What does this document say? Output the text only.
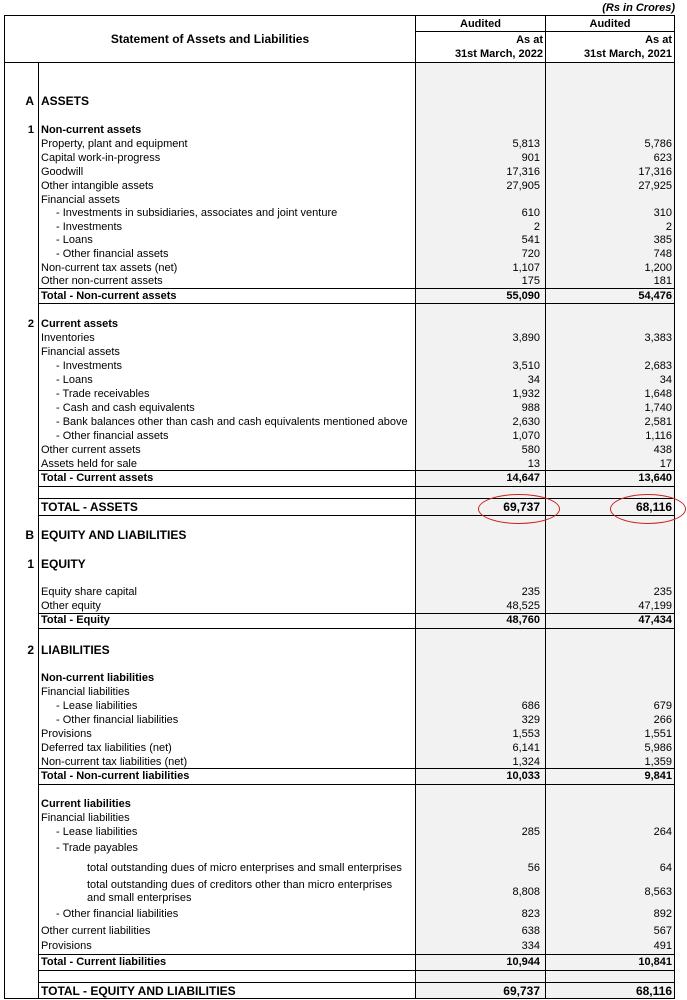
(Rs in Crores)
Statement of Assets and Liabilities
Audited	Audited
As at	As at
31st March, 2022	31st March, 2021
A ASSETS
1 Non-current assets
Property, plant and equipment	5,813	5,786
Capital work-in-progress	901	623
Goodwill	17,316	17,316
Other intangible assets	27,905	27,925
Financial assets
- Investments in subsidiaries, associates and joint venture	610	310
- Investments	2	2
- Loans	541	385
- Other financial assets	720	748
Non-current tax assets (net)	1,107	1,200
Other non-current assets	175	181
Total - Non-current assets	55,090	54,476
2 Current assets
Inventories	3,890	3,383
Financial assets
- Investments	3,510	2,683
- Loans	34	34
- Trade receivables	1,932	1,648
- Cash and cash equivalents	988	1,740
- Bank balances other than cash and cash equivalents mentioned above	2,630	2,581
- Other financial assets	1,070	1,116
Other current assets	580	438
Assets held for sale	13	17
Total - Current assets	14,647	13,640
TOTAL - ASSETS	69,737	68,116
B EQUITY AND LIABILITIES
1 EQUITY
Equity share capital	235	235
Other equity	48,525	47,199
Total - Equity	48,760	47,434
2 LIABILITIES
Non-current liabilities
Financial liabilities
- Lease liabilities	686	679
- Other financial liabilities	329	266
Provisions	1,553	1,551
Deferred tax liabilities (net)	6,141	5,986
Non-current tax liabilities (net)	1,324	1,359
Total - Non-current liabilities	10,033	9,841
Current liabilities
Financial liabilities
- Lease liabilities	285	264
- Trade payables
total outstanding dues of micro enterprises and small enterprises	56	64
total outstanding dues of creditors other than micro enterprises and small enterprises	8,808	8,563
- Other financial liabilities	823	892
Other current liabilities	638	567
Provisions	334	491
Total - Current liabilities	10,944	10,841
TOTAL - EQUITY AND LIABILITIES	69,737	68,116
